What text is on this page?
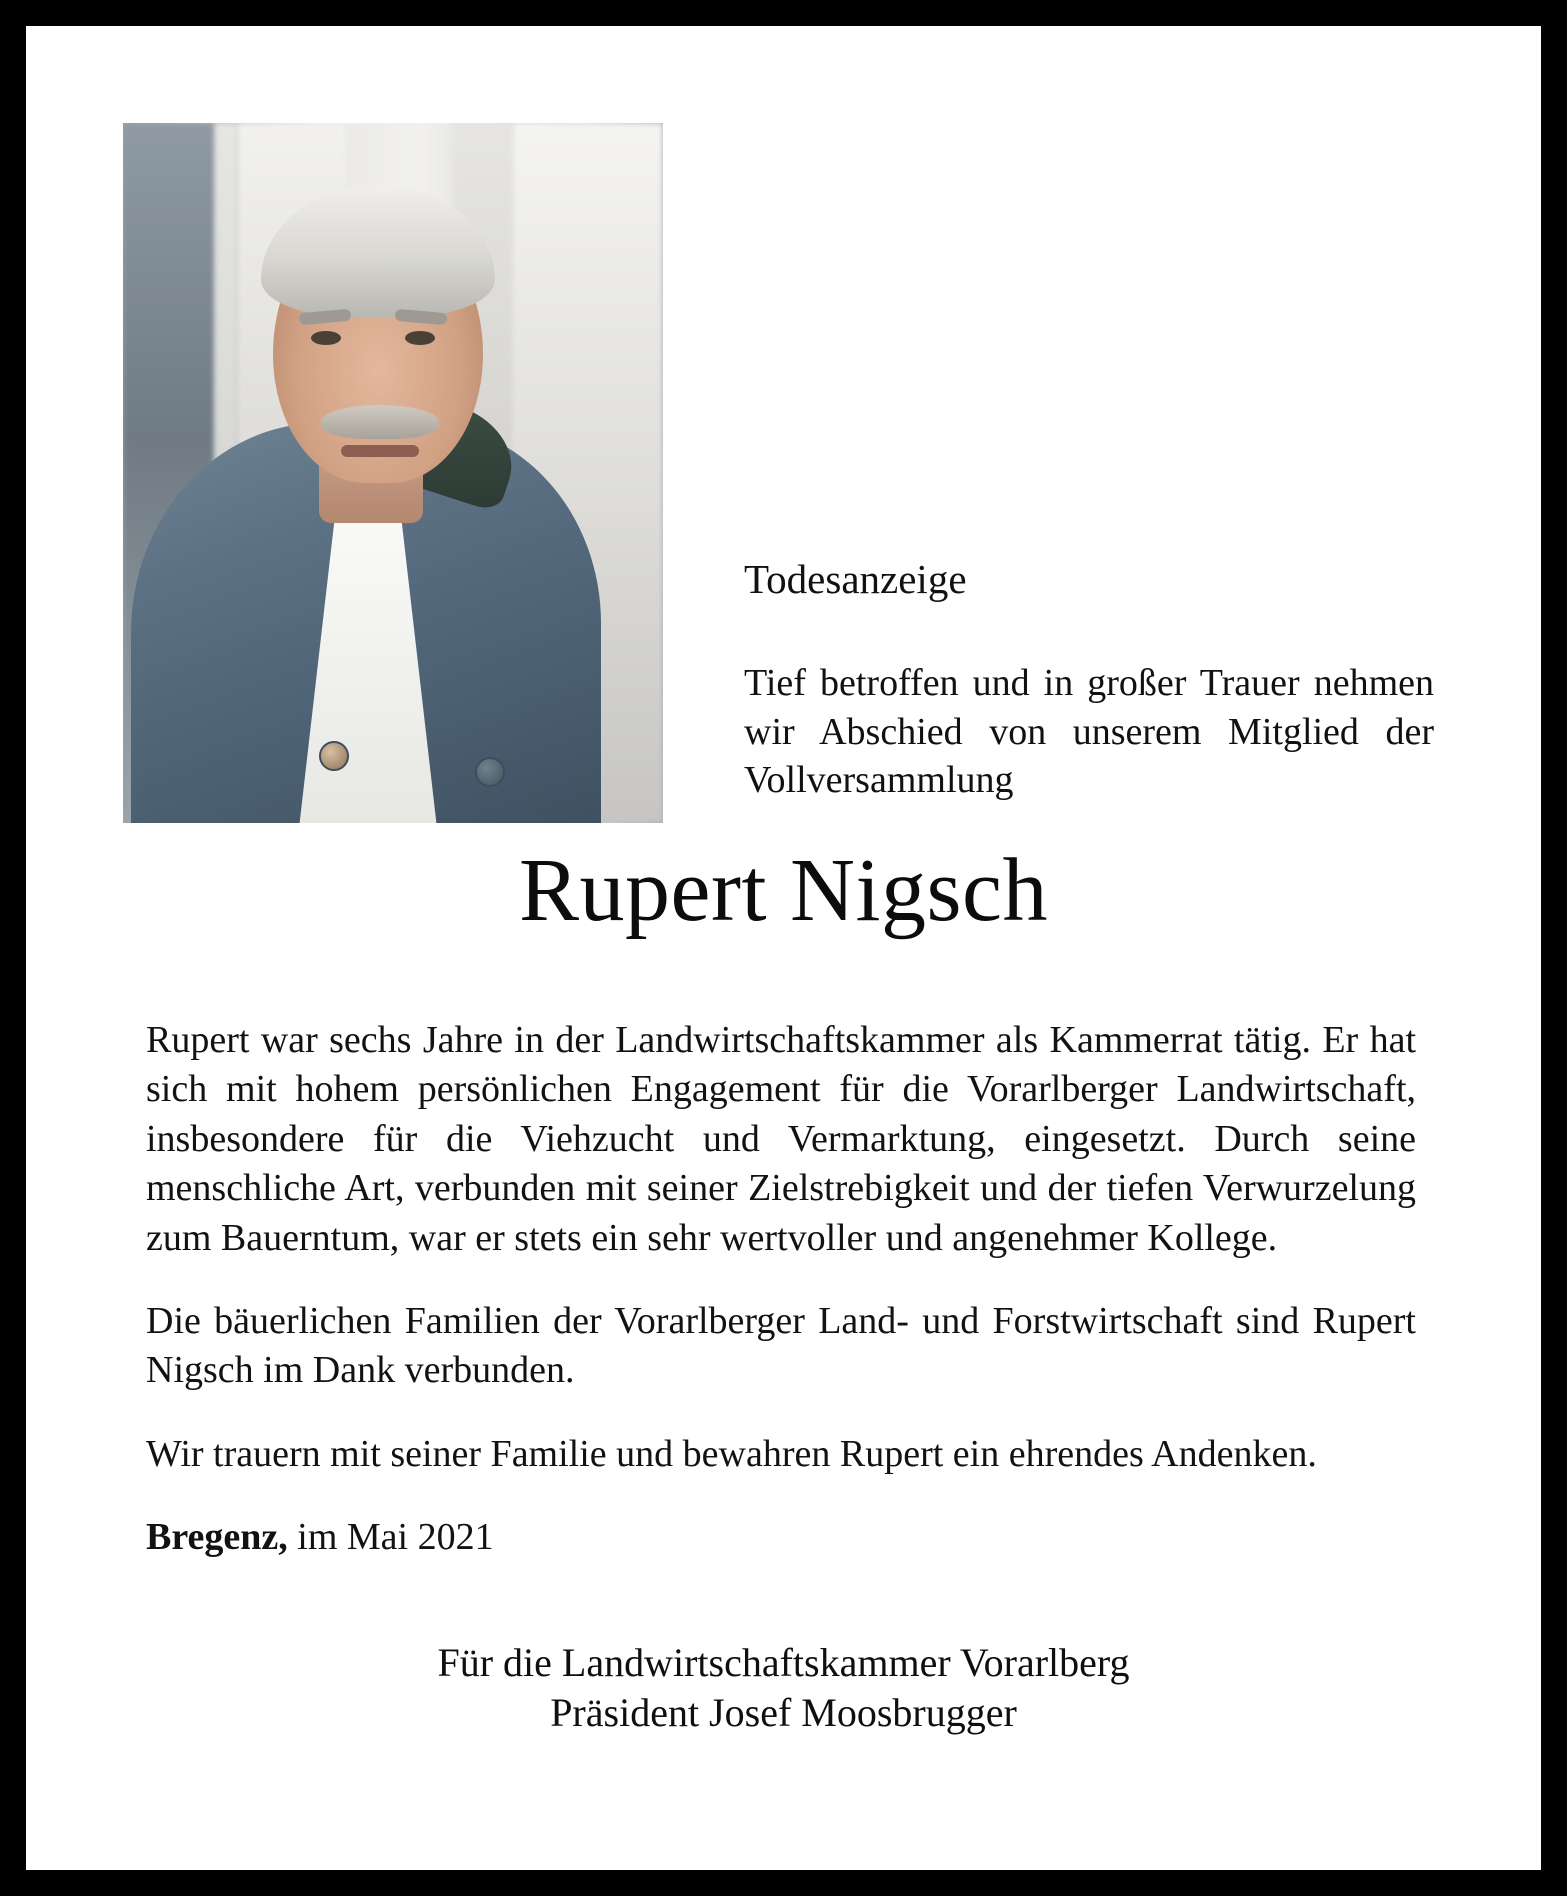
Todesanzeige

Tief betroffen und in großer Trauer nehmen wir Abschied von unserem Mitglied der Vollversammlung

Rupert Nigsch

Rupert war sechs Jahre in der Landwirtschaftskammer als Kammerrat tätig. Er hat sich mit hohem persönlichen Engagement für die Vorarlberger Landwirtschaft, insbesondere für die Viehzucht und Vermarktung, eingesetzt. Durch seine menschliche Art, verbunden mit seiner Zielstrebigkeit und der tiefen Verwurzelung zum Bauerntum, war er stets ein sehr wertvoller und angenehmer Kollege.

Die bäuerlichen Familien der Vorarlberger Land- und Forstwirtschaft sind Rupert Nigsch im Dank verbunden.

Wir trauern mit seiner Familie und bewahren Rupert ein ehrendes Andenken.

Bregenz, im Mai 2021

Für die Landwirtschaftskammer Vorarlberg
Präsident Josef Moosbrugger
